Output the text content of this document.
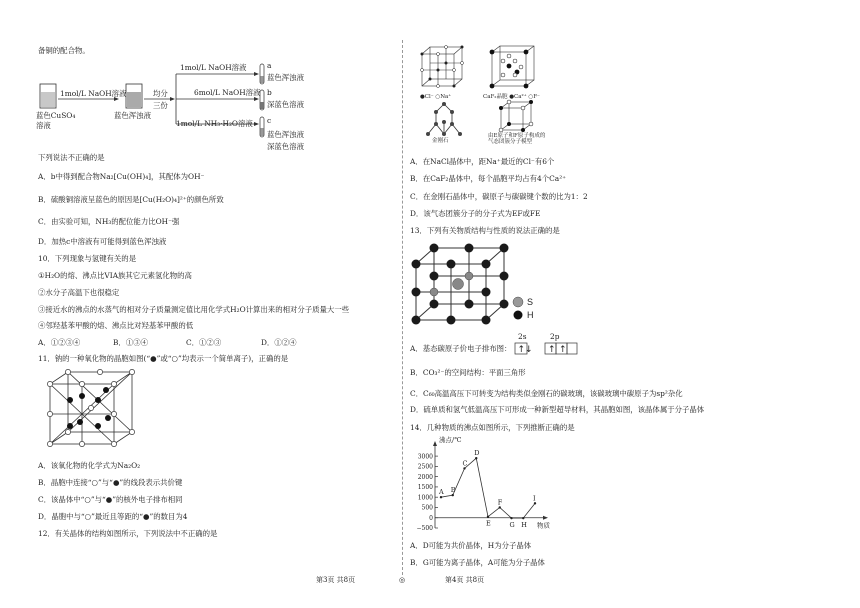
备铜的配合物。
1mol/L NaOH溶液
蓝色CuSO₄
溶液
蓝色浑浊液
均分
三份
1mol/L NaOH溶液
6mol/L NaOH溶液
1mol/L NH₃·H₂O溶液
a
蓝色浑浊液
b
深蓝色溶液
c
蓝色浑浊液
深蓝色溶液
下列说法不正确的是
A．b中得到配合物Na₂[Cu(OH)₄]，其配体为OH⁻
B．硫酸铜溶液呈蓝色的原因是[Cu(H₂O)₄]²⁺的颜色所致
C．由实验可知，NH₃的配位能力比OH⁻强
D．加热c中溶液有可能得到蓝色浑浊液
10．下列现象与氢键有关的是
①H₂O的熔、沸点比VIA族其它元素氢化物的高
②水分子高温下也很稳定
③接近水的沸点的水蒸气的相对分子质量测定值比用化学式H₂O计算出来的相对分子质量大一些
④邻羟基苯甲酸的熔、沸点比对羟基苯甲酸的低
A．①②③④	B．①③④	C．①②③	D．①②④
11．钠的一种氧化物的晶胞如图(“●”或“○”均表示一个简单离子)，正确的是
A．该氧化物的化学式为Na₂O₂
B．晶胞中连接“○”与“●”的线段表示共价键
C．该晶体中“○”与“●”的核外电子排布相同
D．晶胞中与“○”最近且等距的“●”的数目为4
12．有关晶体的结构如图所示，下列说法中不正确的是
●Cl⁻ ○Na⁺	CaF₂晶胞 ●Ca²⁺ ○F⁻
金刚石
由E原子和F原子构成的气态团簇分子模型
A．在NaCl晶体中，距Na⁺最近的Cl⁻有6个
B．在CaF₂晶体中，每个晶胞平均占有4个Ca²⁺
C．在金刚石晶体中，碳原子与碳碳键个数的比为1：2
D．该气态团簇分子的分子式为EF或FE
13．下列有关物质结构与性质的说法正确的是
S
H
A．基态碳原子价电子排布图：
2s	2p
↑↓ ↑ ↑
B．CO₃²⁻的空间结构：平面三角形
C．C₆₀高温高压下可转变为结构类似金刚石的碳玻璃，该碳玻璃中碳原子为sp²杂化
D．硫单质和氢气低温高压下可形成一种新型超导材料，其晶胞如图，该晶体属于分子晶体
14．几种物质的沸点如图所示，下列推断正确的是
−500
0
500
1000
1500
2000
2500
3000
沸点/℃
物质
A B
C
D
E
F
G H
I
A．D可能为共价晶体，H为分子晶体
B．G可能为离子晶体，A可能为分子晶体
第3页 共8页	◎	第4页 共8页
